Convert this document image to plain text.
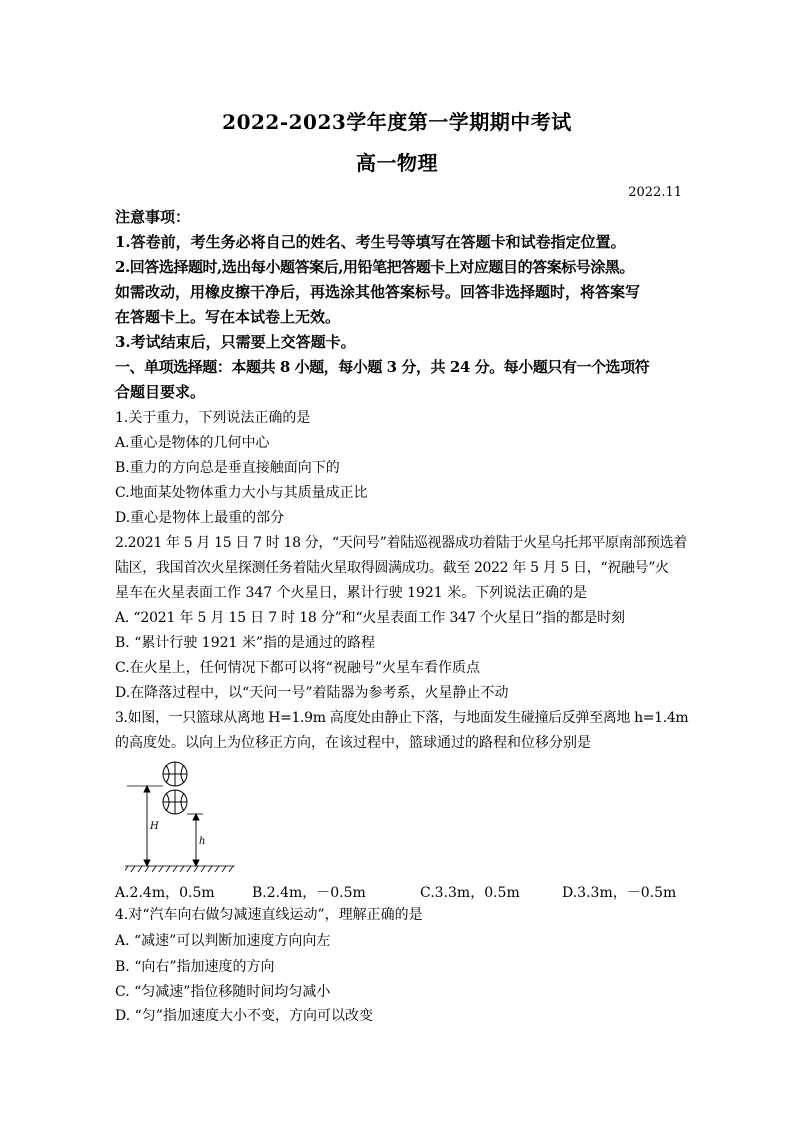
2022-2023学年度第一学期期中考试
高一物理
2022.11
注意事项：
1.答卷前，考生务必将自己的姓名、考生号等填写在答题卡和试卷指定位置。
2.回答选择题时,选出每小题答案后,用铅笔把答题卡上对应题目的答案标号涂黑。
如需改动，用橡皮擦干净后，再选涂其他答案标号。回答非选择题时，将答案写
在答题卡上。写在本试卷上无效。
3.考试结束后，只需要上交答题卡。
一、单项选择题：本题共 8 小题，每小题 3 分，共 24 分。每小题只有一个选项符
合题目要求。
1.关于重力，下列说法正确的是
A.重心是物体的几何中心
B.重力的方向总是垂直接触面向下的
C.地面某处物体重力大小与其质量成正比
D.重心是物体上最重的部分
2.2021 年 5 月 15 日 7 时 18 分，“天问号”着陆巡视器成功着陆于火星乌托邦平原南部预选着
陆区，我国首次火星探测任务着陆火星取得圆满成功。截至 2022 年 5 月 5 日，“祝融号”火
星车在火星表面工作 347 个火星日，累计行驶 1921 米。下列说法正确的是
A. “2021 年 5 月 15 日 7 时 18 分”和“火星表面工作 347 个火星日”指的都是时刻
B. “累计行驶 1921 米”指的是通过的路程
C.在火星上，任何情况下都可以将“祝融号”火星车看作质点
D.在降落过程中，以“天问一号”着陆器为参考系，火星静止不动
3.如图，一只篮球从离地 H=1.9m 高度处由静止下落，与地面发生碰撞后反弹至离地 h=1.4m
的高度处。以向上为位移正方向，在该过程中，篮球通过的路程和位移分别是
H
h
A.2.4m，0.5m	B.2.4m，－0.5m	C.3.3m，0.5m	D.3.3m，－0.5m
4.对“汽车向右做匀减速直线运动”，理解正确的是
A. “减速”可以判断加速度方向向左
B. “向右”指加速度的方向
C. “匀减速”指位移随时间均匀减小
D. “匀”指加速度大小不变，方向可以改变
